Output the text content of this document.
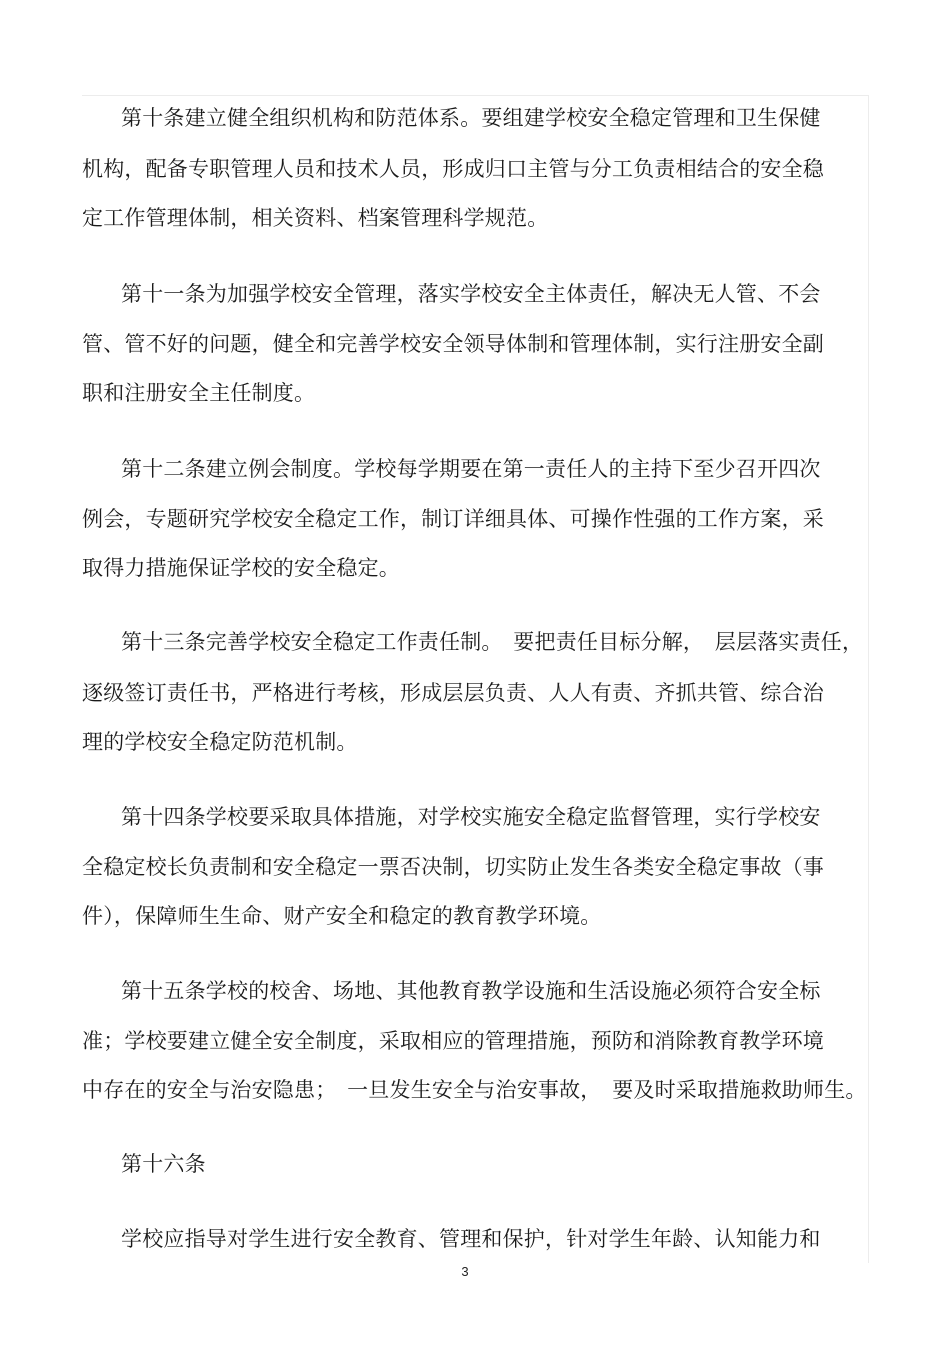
第十条建立健全组织机构和防范体系。要组建学校安全稳定管理和卫生保健
机构，配备专职管理人员和技术人员，形成归口主管与分工负责相结合的安全稳
定工作管理体制，相关资料、档案管理科学规范。
第十一条为加强学校安全管理，落实学校安全主体责任，解决无人管、不会
管、管不好的问题，健全和完善学校安全领导体制和管理体制，实行注册安全副
职和注册安全主任制度。
第十二条建立例会制度。学校每学期要在第一责任人的主持下至少召开四次
例会，专题研究学校安全稳定工作，制订详细具体、可操作性强的工作方案，采
取得力措施保证学校的安全稳定。
第十三条完善学校安全稳定工作责任制。　要把责任目标分解，　层层落实责任，
逐级签订责任书，严格进行考核，形成层层负责、人人有责、齐抓共管、综合治
理的学校安全稳定防范机制。
第十四条学校要采取具体措施，对学校实施安全稳定监督管理，实行学校安
全稳定校长负责制和安全稳定一票否决制，切实防止发生各类安全稳定事故（事
件），保障师生生命、财产安全和稳定的教育教学环境。
第十五条学校的校舍、场地、其他教育教学设施和生活设施必须符合安全标
准；学校要建立健全安全制度，采取相应的管理措施，预防和消除教育教学环境
中存在的安全与治安隐患；　一旦发生安全与治安事故，　要及时采取措施救助师生。
第十六条
学校应指导对学生进行安全教育、管理和保护，针对学生年龄、认知能力和
3
